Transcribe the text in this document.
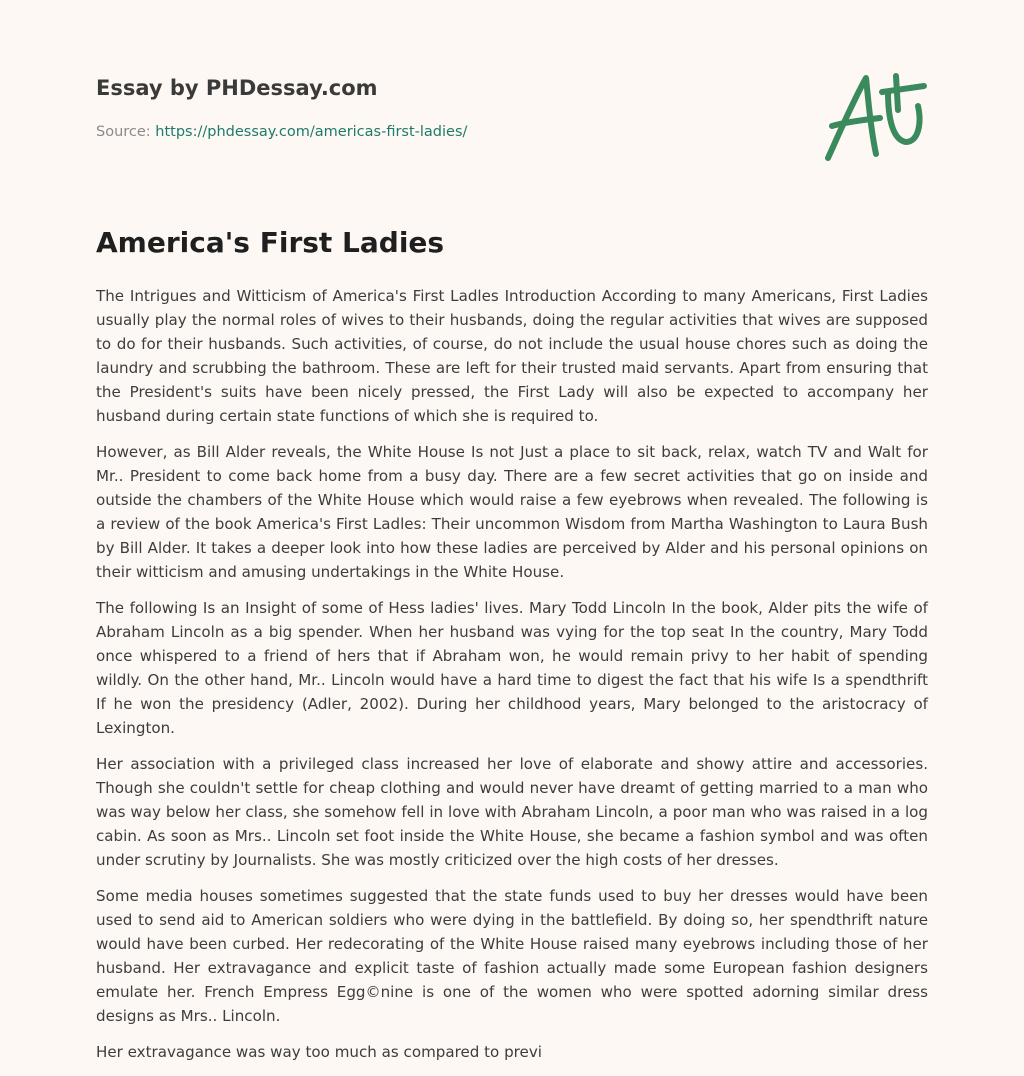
Essay by PHDessay.com
Source: https://phdessay.com/americas-first-ladies/
America's First Ladies

The Intrigues and Witticism of America's First Ladles Introduction According to many Americans, First Ladies usually play the normal roles of wives to their husbands, doing the regular activities that wives are supposed to do for their husbands. Such activities, of course, do not include the usual house chores such as doing the laundry and scrubbing the bathroom. These are left for their trusted maid servants. Apart from ensuring that the President's suits have been nicely pressed, the First Lady will also be expected to accompany her husband during certain state functions of which she is required to.

However, as Bill Alder reveals, the White House Is not Just a place to sit back, relax, watch TV and Walt for Mr.. President to come back home from a busy day. There are a few secret activities that go on inside and outside the chambers of the White House which would raise a few eyebrows when revealed. The following is a review of the book America's First Ladles: Their uncommon Wisdom from Martha Washington to Laura Bush by Bill Alder. It takes a deeper look into how these ladies are perceived by Alder and his personal opinions on their witticism and amusing undertakings in the White House.

The following Is an Insight of some of Hess ladies' lives. Mary Todd Lincoln In the book, Alder pits the wife of Abraham Lincoln as a big spender. When her husband was vying for the top seat In the country, Mary Todd once whispered to a friend of hers that if Abraham won, he would remain privy to her habit of spending wildly. On the other hand, Mr.. Lincoln would have a hard time to digest the fact that his wife Is a spendthrift If he won the presidency (Adler, 2002). During her childhood years, Mary belonged to the aristocracy of Lexington.

Her association with a privileged class increased her love of elaborate and showy attire and accessories. Though she couldn't settle for cheap clothing and would never have dreamt of getting married to a man who was way below her class, she somehow fell in love with Abraham Lincoln, a poor man who was raised in a log cabin. As soon as Mrs.. Lincoln set foot inside the White House, she became a fashion symbol and was often under scrutiny by Journalists. She was mostly criticized over the high costs of her dresses.

Some media houses sometimes suggested that the state funds used to buy her dresses would have been used to send aid to American soldiers who were dying in the battlefield. By doing so, her spendthrift nature would have been curbed. Her redecorating of the White House raised many eyebrows including those of her husband. Her extravagance and explicit taste of fashion actually made some European fashion designers emulate her. French Empress Egg©nine is one of the women who were spotted adorning similar dress designs as Mrs.. Lincoln.

Her extravagance was way too much as compared to previ
